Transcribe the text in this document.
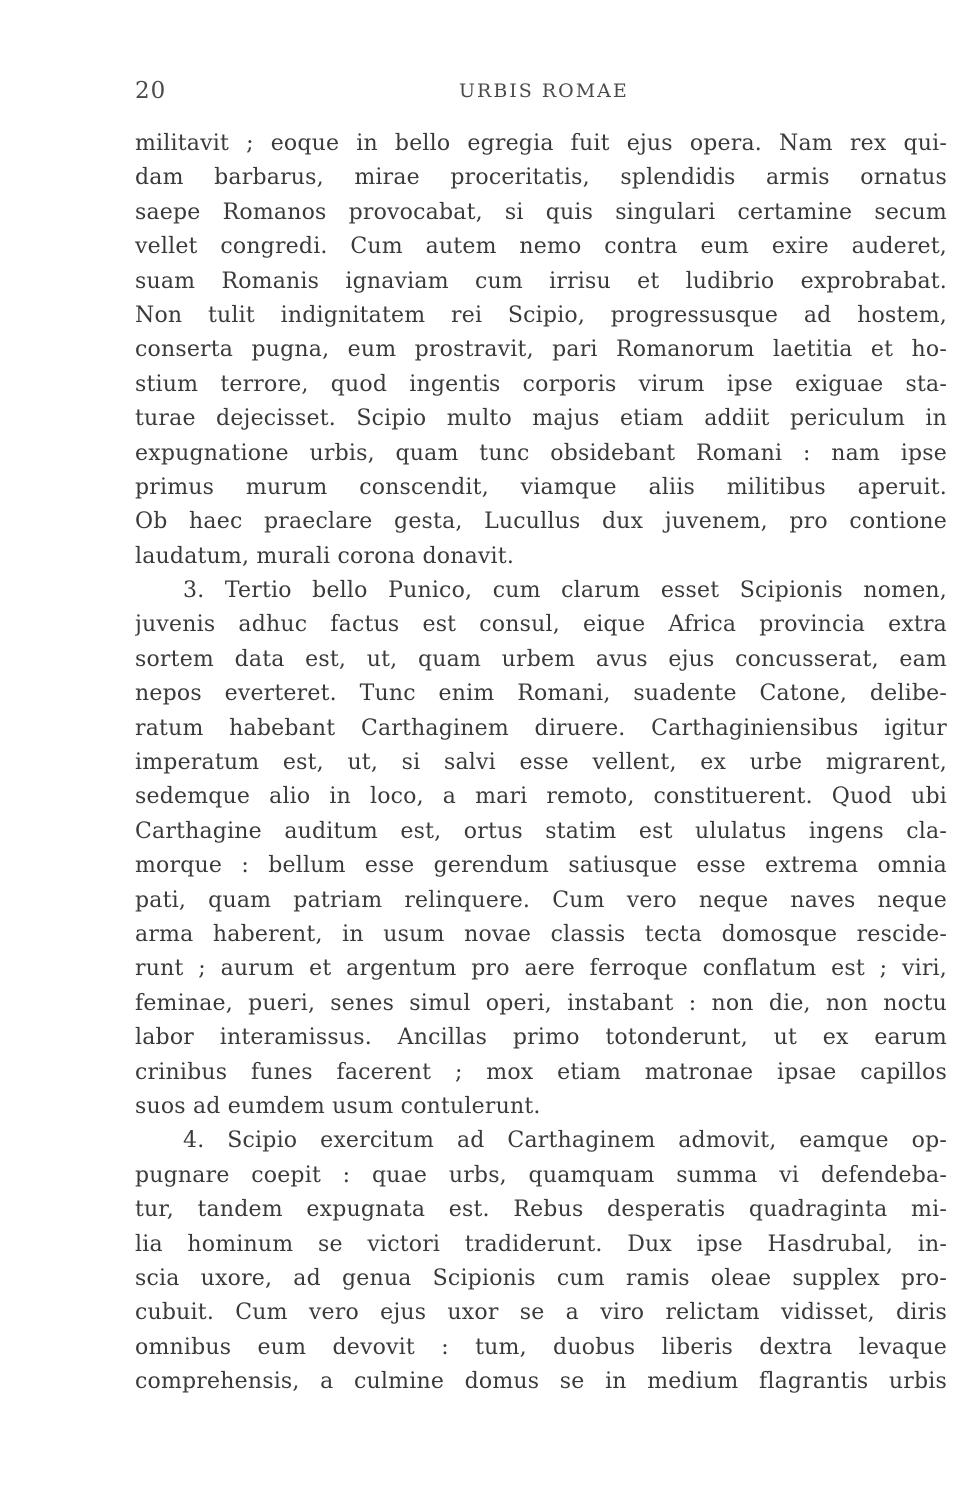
20	URBIS ROMAE
militavit ; eoque in bello egregia fuit ejus opera. Nam rex qui-
dam barbarus, mirae proceritatis, splendidis armis ornatus
saepe Romanos provocabat, si quis singulari certamine secum
vellet congredi. Cum autem nemo contra eum exire auderet,
suam Romanis ignaviam cum irrisu et ludibrio exprobrabat.
Non tulit indignitatem rei Scipio, progressusque ad hostem,
conserta pugna, eum prostravit, pari Romanorum laetitia et ho-
stium terrore, quod ingentis corporis virum ipse exiguae sta-
turae dejecisset. Scipio multo majus etiam addiit periculum in
expugnatione urbis, quam tunc obsidebant Romani : nam ipse
primus murum conscendit, viamque aliis militibus aperuit.
Ob haec praeclare gesta, Lucullus dux juvenem, pro contione
laudatum, murali corona donavit.
3. Tertio bello Punico, cum clarum esset Scipionis nomen,
juvenis adhuc factus est consul, eique Africa provincia extra
sortem data est, ut, quam urbem avus ejus concusserat, eam
nepos everteret. Tunc enim Romani, suadente Catone, delibe-
ratum habebant Carthaginem diruere. Carthaginiensibus igitur
imperatum est, ut, si salvi esse vellent, ex urbe migrarent,
sedemque alio in loco, a mari remoto, constituerent. Quod ubi
Carthagine auditum est, ortus statim est ululatus ingens cla-
morque : bellum esse gerendum satiusque esse extrema omnia
pati, quam patriam relinquere. Cum vero neque naves neque
arma haberent, in usum novae classis tecta domosque rescide-
runt ; aurum et argentum pro aere ferroque conflatum est ; viri,
feminae, pueri, senes simul operi, instabant : non die, non noctu
labor interamissus. Ancillas primo totonderunt, ut ex earum
crinibus funes facerent ; mox etiam matronae ipsae capillos
suos ad eumdem usum contulerunt.
4. Scipio exercitum ad Carthaginem admovit, eamque op-
pugnare coepit : quae urbs, quamquam summa vi defendeba-
tur, tandem expugnata est. Rebus desperatis quadraginta mi-
lia hominum se victori tradiderunt. Dux ipse Hasdrubal, in-
scia uxore, ad genua Scipionis cum ramis oleae supplex pro-
cubuit. Cum vero ejus uxor se a viro relictam vidisset, diris
omnibus eum devovit : tum, duobus liberis dextra levaque
comprehensis, a culmine domus se in medium flagrantis urbis
